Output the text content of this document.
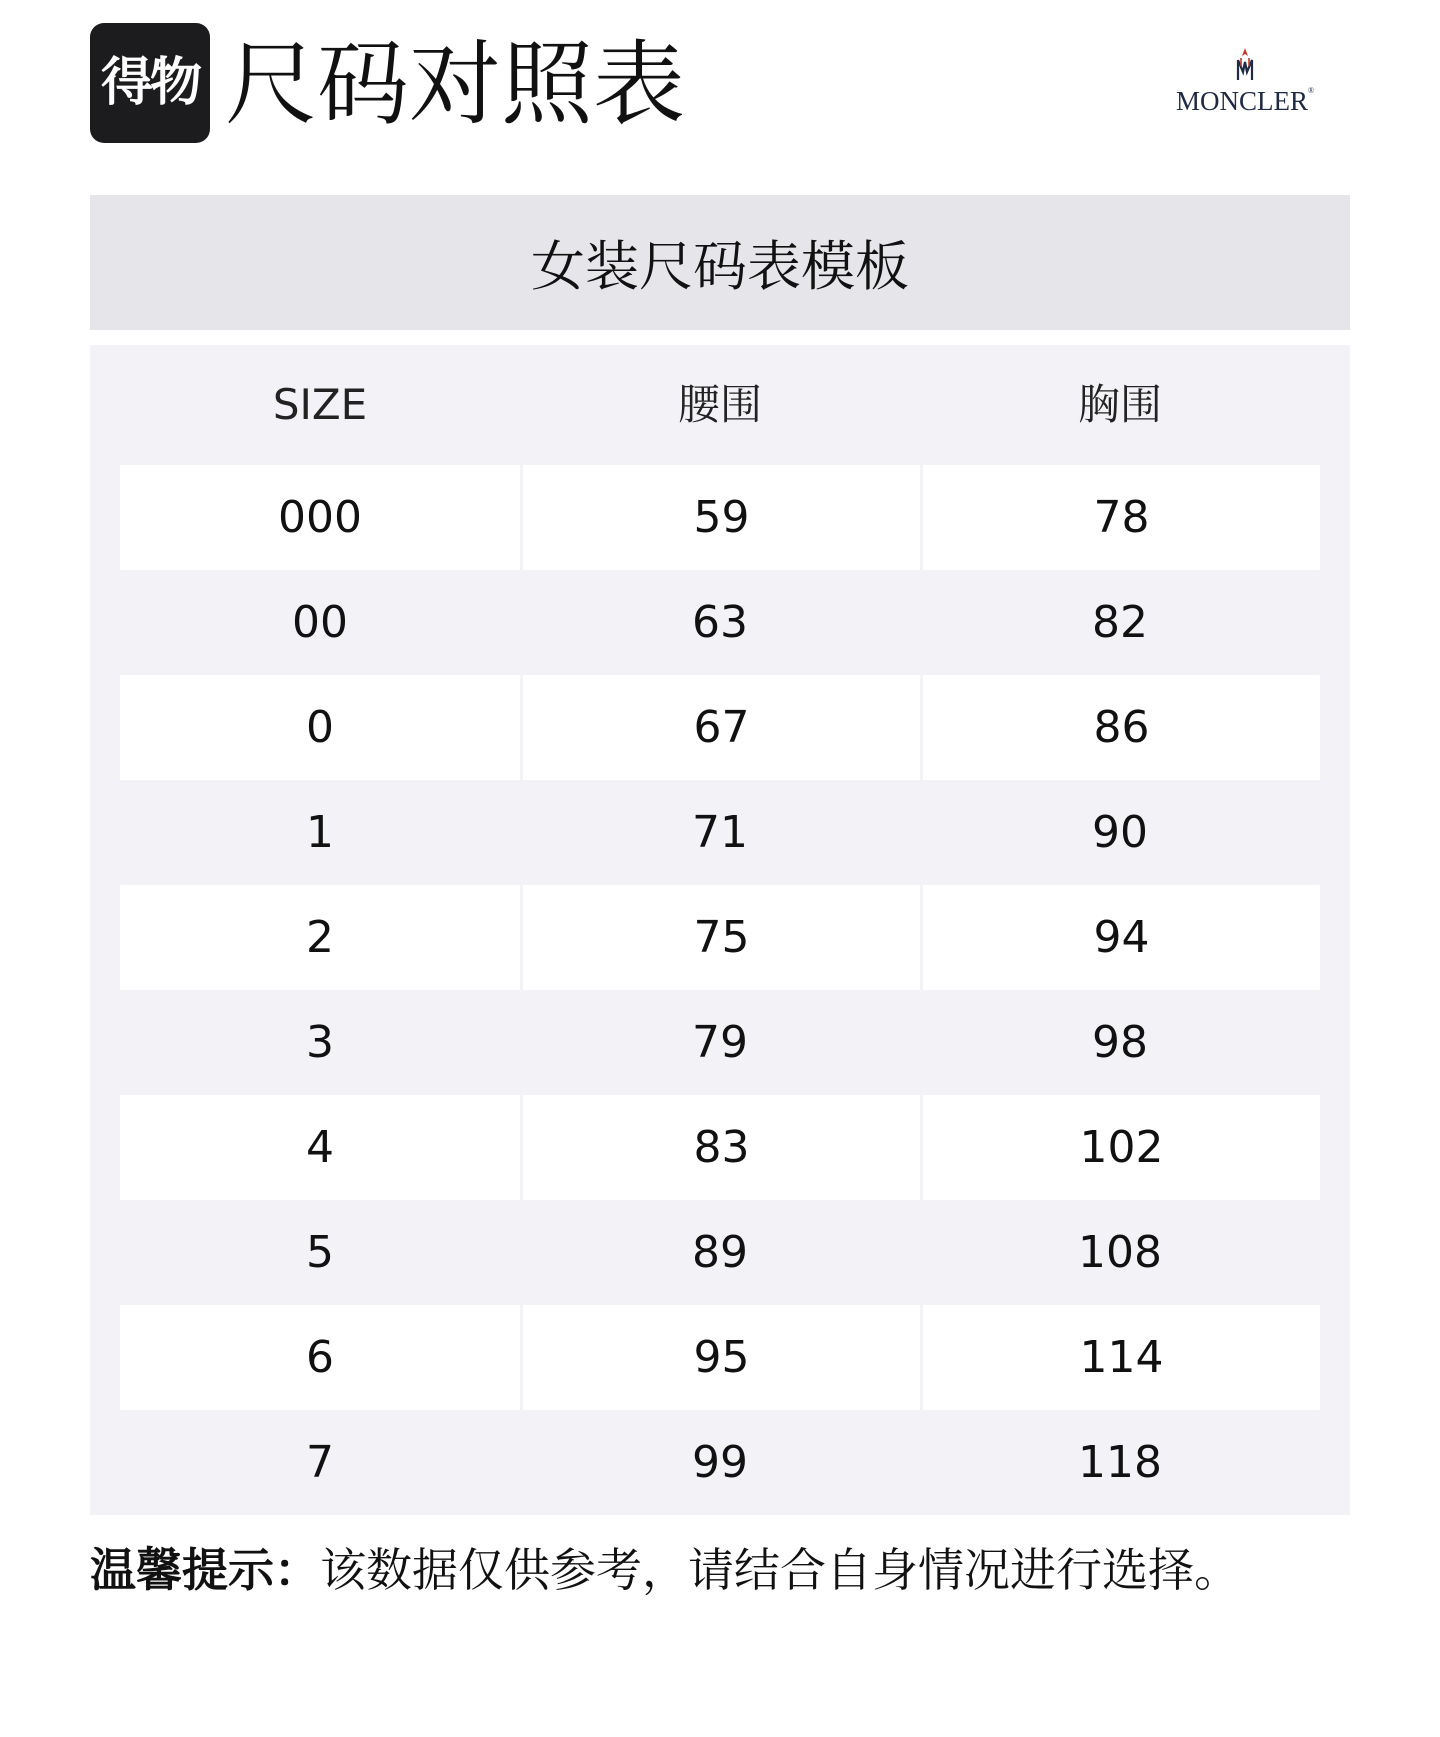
得物 尺码对照表	MONCLER®
女装尺码表模板
SIZE	腰围	胸围
000	59	78
00	63	82
0	67	86
1	71	90
2	75	94
3	79	98
4	83	102
5	89	108
6	95	114
7	99	118
温馨提示：该数据仅供参考，请结合自身情况进行选择。
